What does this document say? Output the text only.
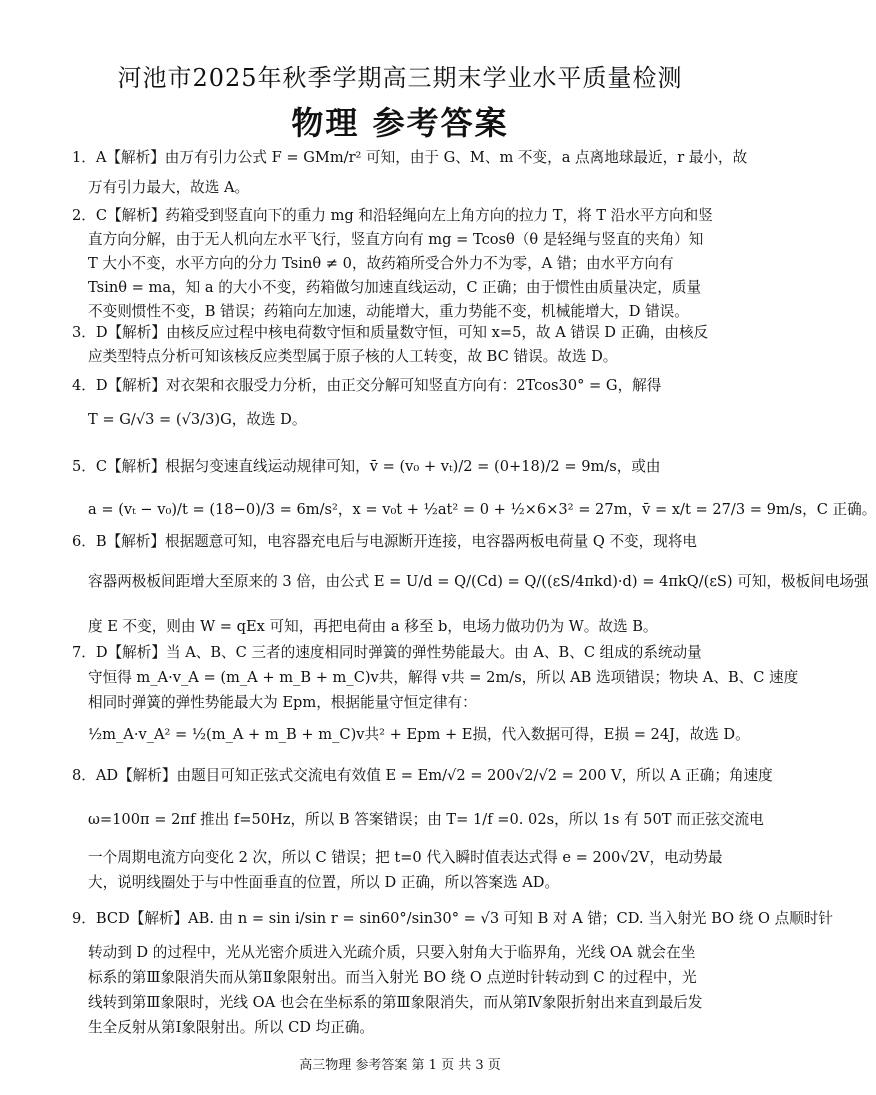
河池市2025年秋季学期高三期末学业水平质量检测
物理 参考答案
1．A【解析】由万有引力公式 F = GMm/r² 可知，由于 G、M、m 不变，a 点离地球最近，r 最小，故
万有引力最大，故选 A。
2．C【解析】药箱受到竖直向下的重力 mg 和沿轻绳向左上角方向的拉力 T，将 T 沿水平方向和竖
直方向分解，由于无人机向左水平飞行，竖直方向有 mg = Tcosθ（θ 是轻绳与竖直的夹角）知
T 大小不变，水平方向的分力 Tsinθ ≠ 0，故药箱所受合外力不为零，A 错；由水平方向有
Tsinθ = ma，知 a 的大小不变，药箱做匀加速直线运动，C 正确；由于惯性由质量决定，质量
不变则惯性不变，B 错误；药箱向左加速，动能增大，重力势能不变，机械能增大，D 错误。
3．D【解析】由核反应过程中核电荷数守恒和质量数守恒，可知 x=5，故 A 错误 D 正确，由核反
应类型特点分析可知该核反应类型属于原子核的人工转变，故 BC 错误。故选 D。
4．D【解析】对衣架和衣服受力分析，由正交分解可知竖直方向有：2Tcos30° = G，解得
T = G/√3 = (√3/3)G，故选 D。
5．C【解析】根据匀变速直线运动规律可知，v̄ = (v₀ + vₜ)/2 = (0+18)/2 = 9m/s，或由
a = (vₜ − v₀)/t = (18−0)/3 = 6m/s²，x = v₀t + ½at² = 0 + ½×6×3² = 27m，v̄ = x/t = 27/3 = 9m/s，C 正确。
6．B【解析】根据题意可知，电容器充电后与电源断开连接，电容器两板电荷量 Q 不变，现将电
容器两极板间距增大至原来的 3 倍，由公式 E = U/d = Q/(Cd) = Q/((εS/4πkd)·d) = 4πkQ/(εS) 可知，极板间电场强
度 E 不变，则由 W = qEx 可知，再把电荷由 a 移至 b，电场力做功仍为 W。故选 B。
7．D【解析】当 A、B、C 三者的速度相同时弹簧的弹性势能最大。由 A、B、C 组成的系统动量
守恒得 m_A·v_A = (m_A + m_B + m_C)v共，解得 v共 = 2m/s，所以 AB 选项错误；物块 A、B、C 速度
相同时弹簧的弹性势能最大为 Epm，根据能量守恒定律有：
½m_A·v_A² = ½(m_A + m_B + m_C)v共² + Epm + E损，代入数据可得，E损 = 24J，故选 D。
8．AD【解析】由题目可知正弦式交流电有效值 E = Em/√2 = 200√2/√2 = 200 V，所以 A 正确；角速度
ω=100π = 2πf 推出 f=50Hz，所以 B 答案错误；由 T= 1/f =0. 02s，所以 1s 有 50T 而正弦交流电
一个周期电流方向变化 2 次，所以 C 错误；把 t=0 代入瞬时值表达式得 e = 200√2V，电动势最
大，说明线圈处于与中性面垂直的位置，所以 D 正确，所以答案选 AD。
9．BCD【解析】AB. 由 n = sin i/sin r = sin60°/sin30° = √3 可知 B 对 A 错；CD. 当入射光 BO 绕 O 点顺时针
转动到 D 的过程中，光从光密介质进入光疏介质，只要入射角大于临界角，光线 OA 就会在坐
标系的第Ⅲ象限消失而从第Ⅱ象限射出。而当入射光 BO 绕 O 点逆时针转动到 C 的过程中，光
线转到第Ⅲ象限时，光线 OA 也会在坐标系的第Ⅲ象限消失，而从第Ⅳ象限折射出来直到最后发
生全反射从第Ⅰ象限射出。所以 CD 均正确。
高三物理 参考答案 第 1 页 共 3 页
